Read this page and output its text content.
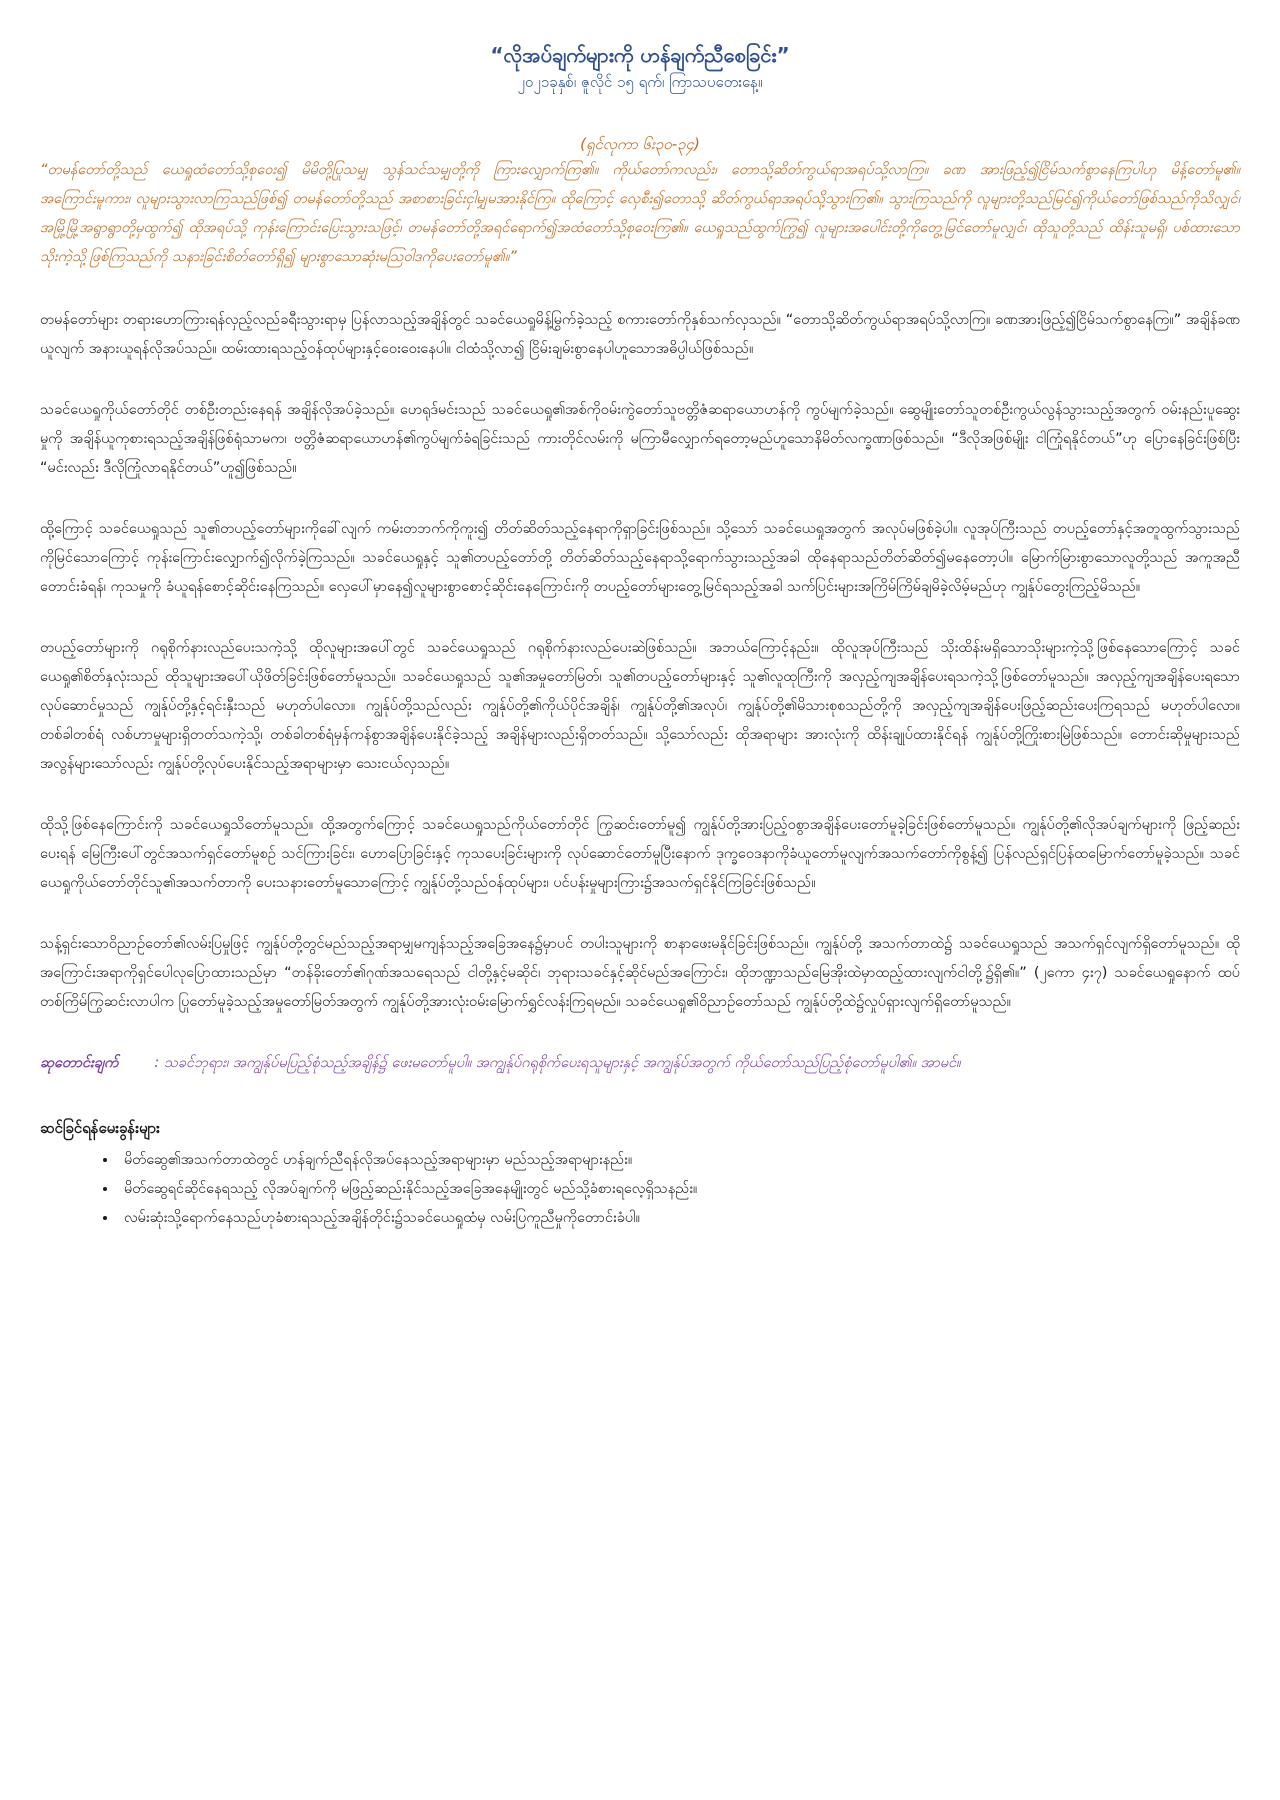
“လိုအပ်ချက်များကို ဟန်ချက်ညီစေခြင်း”

၂၀၂၁ခုနှစ်၊ ဇူလိုင် ၁၅ ရက်၊ ကြာသပတေးနေ့။

(ရှင်လုကာ ၆း၃၀-၃၄)

“တမန်တော်တို့သည် ယေရှုထံတော်သို့စုဝေး၍ မိမိတို့ပြုသမျှ သွန်သင်သမျှတို့ကို ကြားလျှောက်ကြ၏။ ကိုယ်တော်ကလည်း၊ တောသို့ဆိတ်ကွယ်ရာအရပ်သို့လာကြ။ ခဏ အားဖြည့်၍ငြိမ်သက်စွာနေကြပါဟု မိန့်တော်မူ၏။ အကြောင်းမူကား၊ လူများသွားလာကြသည်ဖြစ်၍ တမန်တော်တို့သည် အစာစားခြင်းငှါမျှမအားနိုင်ကြ။ ထိုကြောင့် လှေစီး၍တောသို့ ဆိတ်ကွယ်ရာအရပ်သို့သွားကြ၏။ သွားကြသည်ကို လူများတို့သည်မြင်၍ကိုယ်တော်ဖြစ်သည်ကိုသိလျှင်၊ အမြို့မြို့အရွာရွာတို့မှထွက်၍ ထိုအရပ်သို့ ကုန်းကြောင်းပြေးသွားသဖြင့်၊ တမန်တော်တို့အရင်ရောက်၍အထံတော်သို့စုဝေးကြ၏။ ယေရှုသည်ထွက်ကြွ၍ လူများအပေါင်းတို့ကိုတွေ့မြင်တော်မူလျှင်၊ ထိုသူတို့သည် ထိန်းသူမရှိ၊ ပစ်ထားသောသိုးကဲ့သို့ဖြစ်ကြသည်ကို သနားခြင်းစိတ်တော်ရှိ၍ များစွာသောဆုံးမသြဝါဒကိုပေးတော်မူ၏။”

တမန်တော်များ တရားဟောကြားရန်လှည့်လည်ခရီးသွားရာမှ ပြန်လာသည့်အချိန်တွင် သခင်ယေရှုမိန့်မြွက်ခဲ့သည့် စကားတော်ကိုနှစ်သက်လှသည်။ “တောသို့ဆိတ်ကွယ်ရာအရပ်သို့လာကြ။ ခဏအားဖြည့်၍ငြိမ်သက်စွာနေကြ။” အချိန်ခဏယူလျက် အနားယူရန်လိုအပ်သည်။ ထမ်းထားရသည့်ဝန်ထုပ်များနှင့်ဝေးဝေးနေပါ။ ငါထံသို့လာ၍ ငြိမ်းချမ်းစွာနေပါဟူသောအဓိပ္ပါယ်ဖြစ်သည်။

သခင်ယေရှုကိုယ်တော်တိုင် တစ်ဦးတည်းနေရန် အချိန်လိုအပ်ခဲ့သည်။ ဟေရုဒ်မင်းသည် သခင်ယေရှု၏အစ်ကိုဝမ်းကွဲတော်သူဗတ္တိဇံဆရာယောဟန်ကို ကွပ်မျက်ခဲ့သည်။ ဆွေမျိုးတော်သူတစ်ဦးကွယ်လွန်သွားသည့်အတွက် ဝမ်းနည်းပူဆွေးမှုကို အချိန်ယူကုစားရသည့်အချိန်ဖြစ်ရုံသာမက၊ ဗတ္တိဇံဆရာယောဟန်၏ကွပ်မျက်ခံရခြင်းသည် ကားတိုင်လမ်းကို မကြာမီလျှောက်ရတော့မည်ဟူသောနိမိတ်လက္ခဏာဖြစ်သည်။ “ဒီလိုအဖြစ်မျိုး ငါကြုံရနိုင်တယ်”ဟု ပြောနေခြင်းဖြစ်ပြီး “မင်းလည်း ဒီလိုကြုံလာရနိုင်တယ်”ဟူ၍ဖြစ်သည်။

ထို့ကြောင့် သခင်ယေရှုသည် သူ၏တပည့်တော်များကိုခေါ်လျက် ကမ်းတဘက်ကိုကူး၍ တိတ်ဆိတ်သည့်နေရာကိုရှာခြင်းဖြစ်သည်။ သို့သော် သခင်ယေရှုအတွက် အလုပ်မဖြစ်ခဲ့ပါ။ လူအုပ်ကြီးသည် တပည့်တော်နှင့်အတူထွက်သွားသည်ကိုမြင်သောကြောင့် ကုန်းကြောင်းလျှောက်၍လိုက်ခဲ့ကြသည်။ သခင်ယေရှုနှင့် သူ၏တပည့်တော်တို့ တိတ်ဆိတ်သည့်နေရာသို့ရောက်သွားသည့်အခါ ထိုနေရာသည်တိတ်ဆိတ်၍မနေတော့ပါ။ မြောက်မြားစွာသောလူတို့သည် အကူအညီတောင်းခံရန်၊ ကုသမှုကို ခံယူရန်စောင့်ဆိုင်းနေကြသည်။ လှေပေါ်မှာနေ၍လူများစွာစောင့်ဆိုင်းနေကြောင်းကို တပည့်တော်များတွေ့မြင်ရသည့်အခါ သက်ပြင်းများအကြိမ်ကြိမ်ချမိခဲ့လိမ့်မည်ဟု ကျွန်ုပ်တွေးကြည့်မိသည်။

တပည့်တော်များကို ဂရုစိုက်နားလည်ပေးသကဲ့သို့ ထိုလူများအပေါ်တွင် သခင်ယေရှုသည် ဂရုစိုက်နားလည်ပေးဆဲဖြစ်သည်။ အဘယ်ကြောင့်နည်း။ ထိုလူအုပ်ကြီးသည် သိုးထိန်းမရှိသောသိုးများကဲ့သို့ဖြစ်နေသောကြောင့် သခင်ယေရှု၏စိတ်နှလုံးသည် ထိုသူများအပေါ်ယိုဖိတ်ခြင်းဖြစ်တော်မူသည်။ သခင်ယေရှုသည် သူ၏အမှုတော်မြတ်၊ သူ၏တပည့်တော်များနှင့် သူ၏လူထုကြီးကို အလှည့်ကျအချိန်ပေးရသကဲ့သို့ဖြစ်တော်မူသည်။ အလှည့်ကျအချိန်ပေးရသောလုပ်ဆောင်မှုသည် ကျွန်ုပ်တို့နှင့်ရင်းနှီးသည် မဟုတ်ပါလော။ ကျွန်ုပ်တို့သည်လည်း ကျွန်ုပ်တို့၏ကိုယ်ပိုင်အချိန်၊ ကျွန်ုပ်တို့၏အလုပ်၊ ကျွန်ုပ်တို့၏မိသားစုစသည်တို့ကို အလှည့်ကျအချိန်ပေးဖြည့်ဆည်းပေးကြရသည် မဟုတ်ပါလော။ တစ်ခါတစ်ရံ လစ်ဟာမှုများရှိတတ်သကဲ့သို့၊ တစ်ခါတစ်ရံမှန်ကန်စွာအချိန်ပေးနိုင်ခဲ့သည့် အချိန်များလည်းရှိတတ်သည်။ သို့သော်လည်း ထိုအရာများ အားလုံးကို ထိန်းချုပ်ထားနိုင်ရန် ကျွန်ုပ်တို့ကြိုးစားမြဲဖြစ်သည်။ တောင်းဆိုမှုများသည် အလွန်များသော်လည်း ကျွန်ုပ်တို့လုပ်ပေးနိုင်သည့်အရာများမှာ သေးငယ်လှသည်။

ထိုသို့ဖြစ်နေကြောင်းကို သခင်ယေရှုသိတော်မူသည်။ ထို့အတွက်ကြောင့် သခင်ယေရှုသည်ကိုယ်တော်တိုင် ကြွဆင်းတော်မူ၍ ကျွန်ုပ်တို့အားပြည့်ဝစွာအချိန်ပေးတော်မူခဲ့ခြင်းဖြစ်တော်မူသည်။ ကျွန်ုပ်တို့၏လိုအပ်ချက်များကို ဖြည့်ဆည်းပေးရန် မြေကြီးပေါ်တွင်အသက်ရှင်တော်မူစဉ် သင်ကြားခြင်း၊ ဟောပြောခြင်းနှင့် ကုသပေးခြင်းများကို လုပ်ဆောင်တော်မူပြီးနောက် ဒုက္ခဝေဒနာကိုခံယူတော်မူလျက်အသက်တော်ကိုစွန့်၍ ပြန်လည်ရှင်ပြန်ထမြောက်တော်မူခဲ့သည်။ သခင်ယေရှုကိုယ်တော်တိုင်သူ၏အသက်တာကို ပေးသနားတော်မူသောကြောင့် ကျွန်ုပ်တို့သည်ဝန်ထုပ်များ၊ ပင်ပန်းမှုများကြား၌အသက်ရှင်နိုင်ကြခြင်းဖြစ်သည်။

သန့်ရှင်းသောဝိညာဉ်တော်၏လမ်းပြမှုဖြင့် ကျွန်ုပ်တို့တွင်မည်သည့်အရာမျှမကျန်သည့်အခြေအနေ၌မှာပင် တပါးသူများကို စာနာဖေးမနိုင်ခြင်းဖြစ်သည်။ ကျွန်ုပ်တို့ အသက်တာထဲ၌ သခင်ယေရှုသည် အသက်ရှင်လျက်ရှိတော်မူသည်။ ထိုအကြောင်းအရာကိုရှင်ပေါလုပြောထားသည်မှာ “တန်ခိုးတော်၏ဂုဏ်အသရေသည် ငါတို့နှင့်မဆိုင်၊ ဘုရားသခင်နှင့်ဆိုင်မည်အကြောင်း၊ ထိုဘဏ္ဍာသည်မြေအိုးထဲမှာထည့်ထားလျက်ငါတို့၌ရှိ၏။” (၂ကော ၄း၇) သခင်ယေရှုနောက် ထပ်တစ်ကြိမ်ကြွဆင်းလာပါက ပြုတော်မူခဲ့သည့်အမှုတော်မြတ်အတွက် ကျွန်ုပ်တို့အားလုံးဝမ်းမြောက်ရွှင်လန်းကြရမည်။ သခင်ယေရှု၏ဝိညာဉ်တော်သည် ကျွန်ုပ်တို့ထဲ၌လှုပ်ရှားလျက်ရှိတော်မူသည်။

ဆုတောင်းချက် : သခင်ဘုရား၊ အကျွန်ုပ်မပြည့်စုံသည့်အချိန်၌ ဖေးမတော်မူပါ။ အကျွန်ုပ်ဂရုစိုက်ပေးရသူများနှင့် အကျွန်ုပ်အတွက် ကိုယ်တော်သည်ပြည့်စုံတော်မူပါ၏။ အာမင်။

ဆင်ခြင်ရန်မေးခွန်းများ

• မိတ်ဆွေ၏အသက်တာထဲတွင် ဟန်ချက်ညီရန်လိုအပ်နေသည့်အရာများမှာ မည်သည့်အရာများနည်း။
• မိတ်ဆွေရင်ဆိုင်နေရသည့် လိုအပ်ချက်ကို မဖြည့်ဆည်းနိုင်သည့်အခြေအနေမျိုးတွင် မည်သို့ခံစားရလေ့ရှိသနည်း။
• လမ်းဆုံးသို့ရောက်နေသည်ဟုခံစားရသည့်အချိန်တိုင်း၌သခင်ယေရှုထံမှ လမ်းပြကူညီမှုကိုတောင်းခံပါ။
